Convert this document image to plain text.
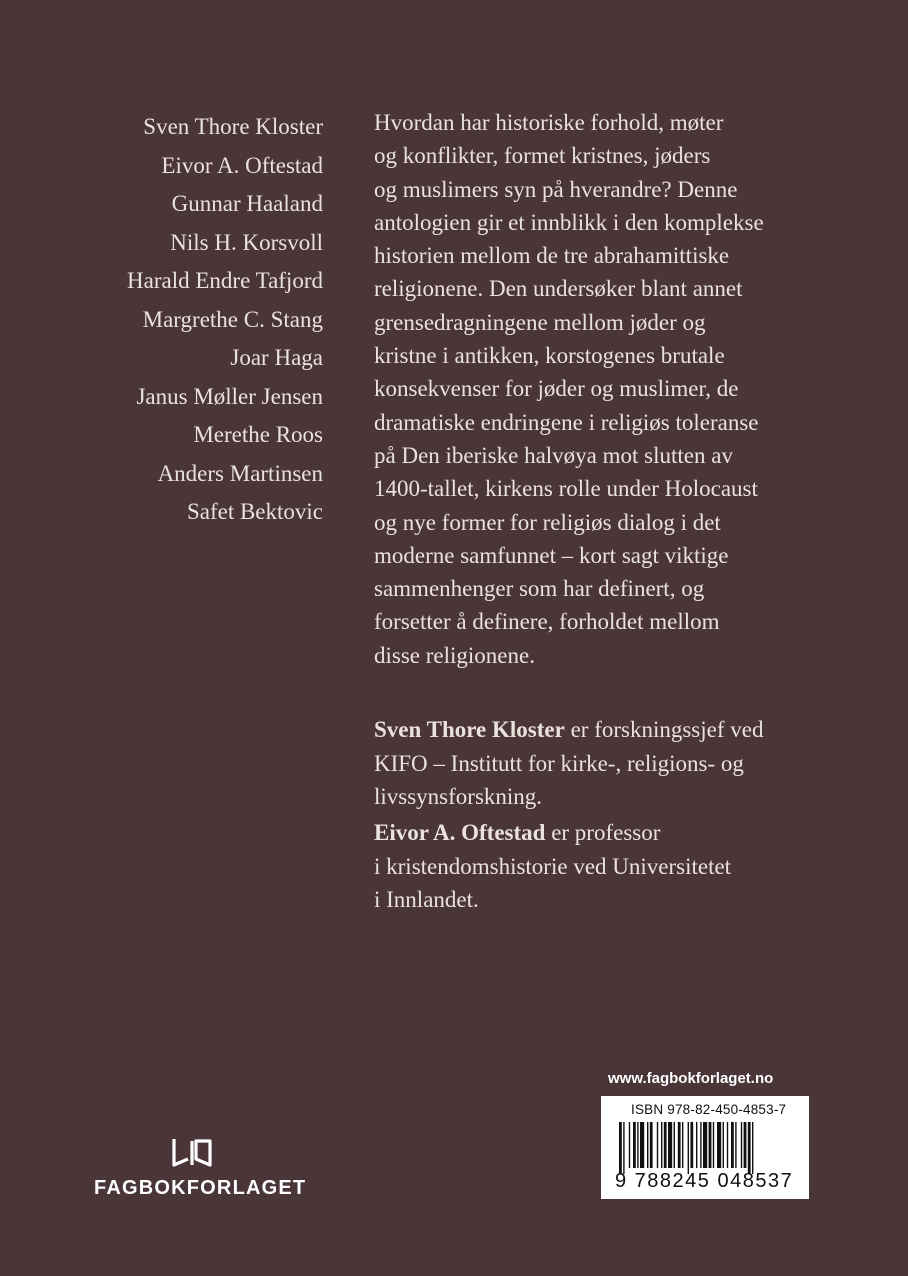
Sven Thore Kloster
Eivor A. Oftestad
Gunnar Haaland
Nils H. Korsvoll
Harald Endre Tafjord
Margrethe C. Stang
Joar Haga
Janus Møller Jensen
Merethe Roos
Anders Martinsen
Safet Bektovic
Hvordan har historiske forhold, møter
og konflikter, formet kristnes, jøders
og muslimers syn på hverandre? Denne
antologien gir et innblikk i den komplekse
historien mellom de tre abrahamittiske
religionene. Den undersøker blant annet
grensedragningene mellom jøder og
kristne i antikken, korstogenes brutale
konsekvenser for jøder og muslimer, de
dramatiske endringene i religiøs toleranse
på Den iberiske halvøya mot slutten av
1400-tallet, kirkens rolle under Holocaust
og nye former for religiøs dialog i det
moderne samfunnet – kort sagt viktige
sammenhenger som har definert, og
forsetter å definere, forholdet mellom
disse religionene.

Sven Thore Kloster er forskningssjef ved
KIFO – Institutt for kirke-, religions- og
livssynsforskning.

Eivor A. Oftestad er professor
i kristendomshistorie ved Universitetet
i Innlandet.

www.fagbokforlaget.no
ISBN 978-82-450-4853-7
9 788245 048537
FAGBOKFORLAGET
